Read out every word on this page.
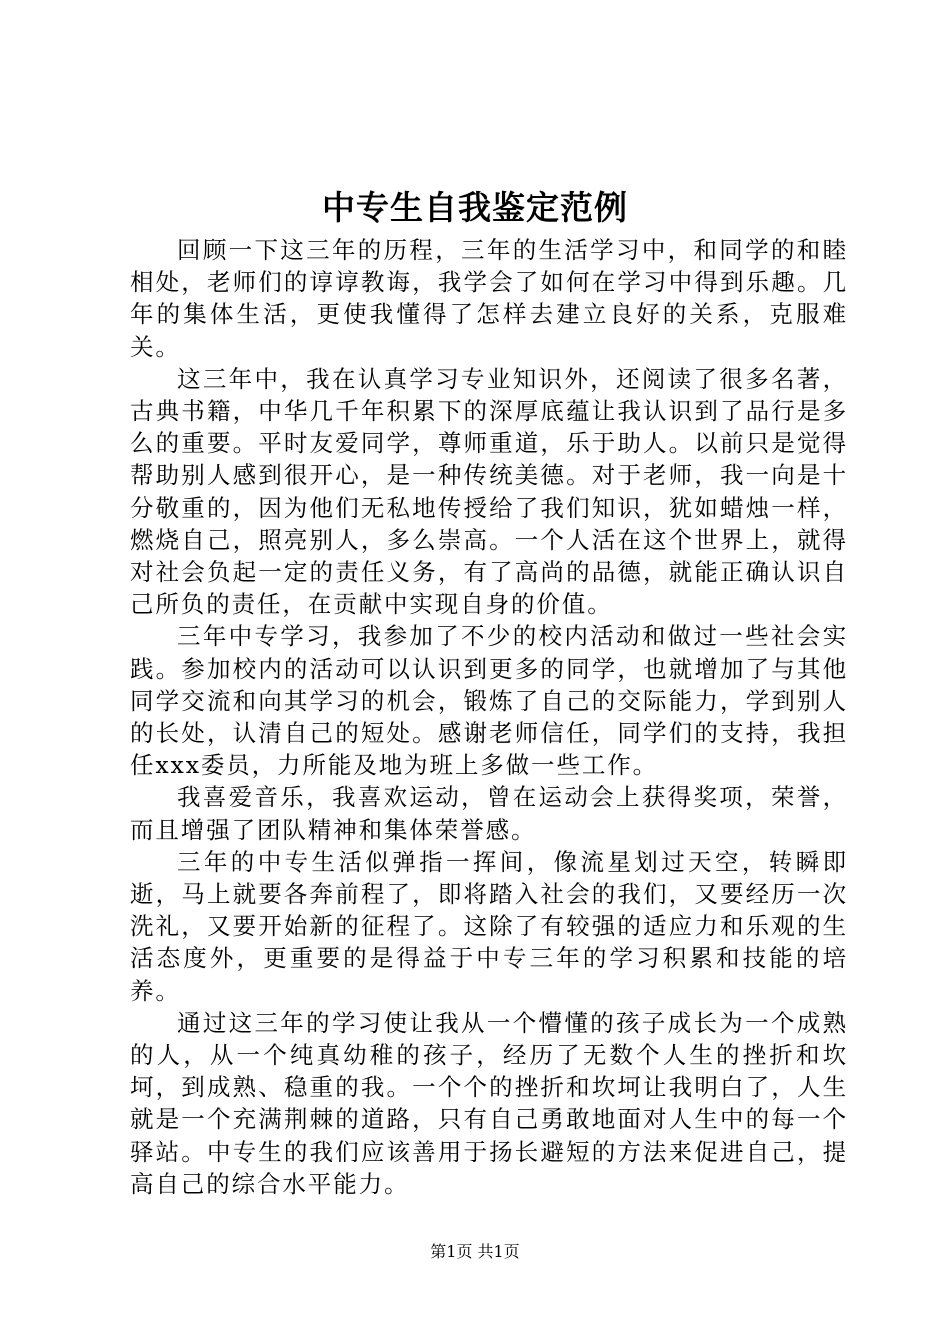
中专生自我鉴定范例

回顾一下这三年的历程，三年的生活学习中，和同学的和睦相处，老师们的谆谆教诲，我学会了如何在学习中得到乐趣。几年的集体生活，更使我懂得了怎样去建立良好的关系，克服难关。

这三年中，我在认真学习专业知识外，还阅读了很多名著，古典书籍，中华几千年积累下的深厚底蕴让我认识到了品行是多么的重要。平时友爱同学，尊师重道，乐于助人。以前只是觉得帮助别人感到很开心，是一种传统美德。对于老师，我一向是十分敬重的，因为他们无私地传授给了我们知识，犹如蜡烛一样，燃烧自己，照亮别人，多么崇高。一个人活在这个世界上，就得对社会负起一定的责任义务，有了高尚的品德，就能正确认识自己所负的责任，在贡献中实现自身的价值。

三年中专学习，我参加了不少的校内活动和做过一些社会实践。参加校内的活动可以认识到更多的同学，也就增加了与其他同学交流和向其学习的机会，锻炼了自己的交际能力，学到别人的长处，认清自己的短处。感谢老师信任，同学们的支持，我担任xxx委员，力所能及地为班上多做一些工作。

我喜爱音乐，我喜欢运动，曾在运动会上获得奖项，荣誉，而且增强了团队精神和集体荣誉感。

三年的中专生活似弹指一挥间，像流星划过天空，转瞬即逝，马上就要各奔前程了，即将踏入社会的我们，又要经历一次洗礼，又要开始新的征程了。这除了有较强的适应力和乐观的生活态度外，更重要的是得益于中专三年的学习积累和技能的培养。

通过这三年的学习使让我从一个懵懂的孩子成长为一个成熟的人，从一个纯真幼稚的孩子，经历了无数个人生的挫折和坎坷，到成熟、稳重的我。一个个的挫折和坎坷让我明白了，人生就是一个充满荆棘的道路，只有自己勇敢地面对人生中的每一个驿站。中专生的我们应该善用于扬长避短的方法来促进自己，提高自己的综合水平能力。

第1页 共1页
